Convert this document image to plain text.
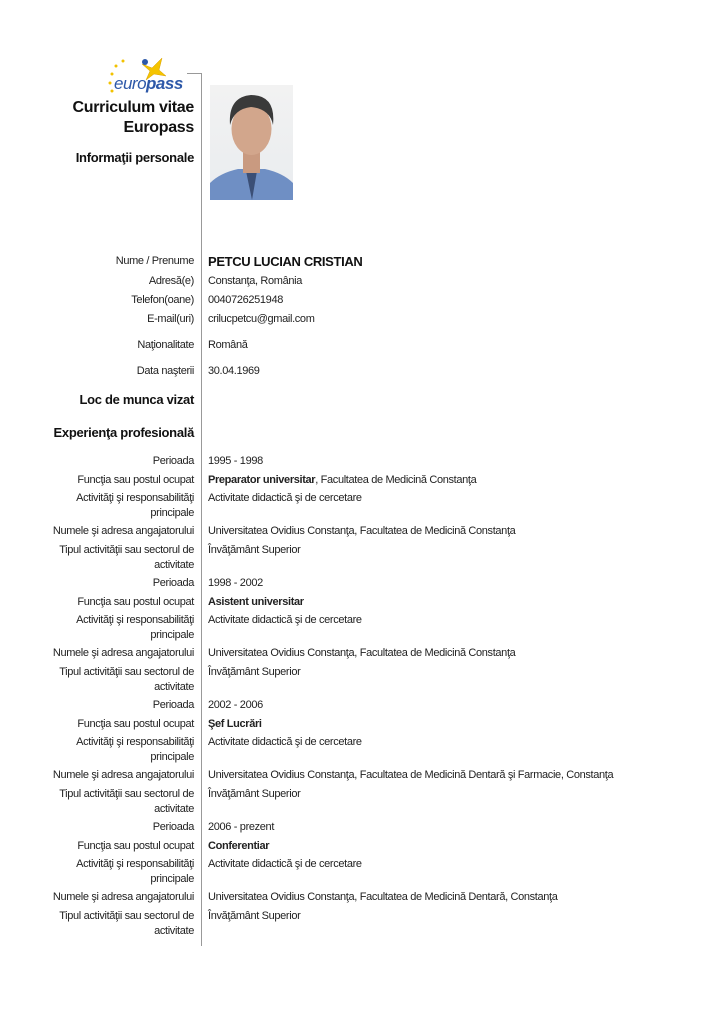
europass
Curriculum vitae
Europass
Informaţii personale
Nume / Prenume PETCU LUCIAN CRISTIAN
Adresă(e) Constanţa, România
Telefon(oane) 0040726251948
E-mail(uri) crilucpetcu@gmail.com
Naţionalitate Română
Data naşterii 30.04.1969
Loc de munca vizat
Experienţa profesională
Perioada 1995 - 1998
Funcţia sau postul ocupat Preparator universitar, Facultatea de Medicină Constanţa
Activităţi şi responsabilităţi principale
Activitate didactică şi de cercetare
Numele şi adresa angajatorului Universitatea Ovidius Constanţa, Facultatea de Medicină Constanţa
Tipul activităţii sau sectorul de activitate
Învăţământ Superior
Perioada 1998 - 2002
Funcţia sau postul ocupat Asistent universitar
Activităţi şi responsabilităţi principale
Activitate didactică şi de cercetare
Numele şi adresa angajatorului Universitatea Ovidius Constanţa, Facultatea de Medicină Constanţa
Tipul activităţii sau sectorul de activitate
Învăţământ Superior
Perioada 2002 - 2006
Funcţia sau postul ocupat Şef Lucrări
Activităţi şi responsabilităţi principale
Activitate didactică şi de cercetare
Numele şi adresa angajatorului Universitatea Ovidius Constanţa, Facultatea de Medicină Dentară şi Farmacie, Constanţa
Tipul activităţii sau sectorul de activitate
Învăţământ Superior
Perioada 2006 - prezent
Funcţia sau postul ocupat Conferentiar
Activităţi şi responsabilităţi principale
Activitate didactică şi de cercetare
Numele şi adresa angajatorului Universitatea Ovidius Constanţa, Facultatea de Medicină Dentară, Constanţa
Tipul activităţii sau sectorul de activitate
Învăţământ Superior
